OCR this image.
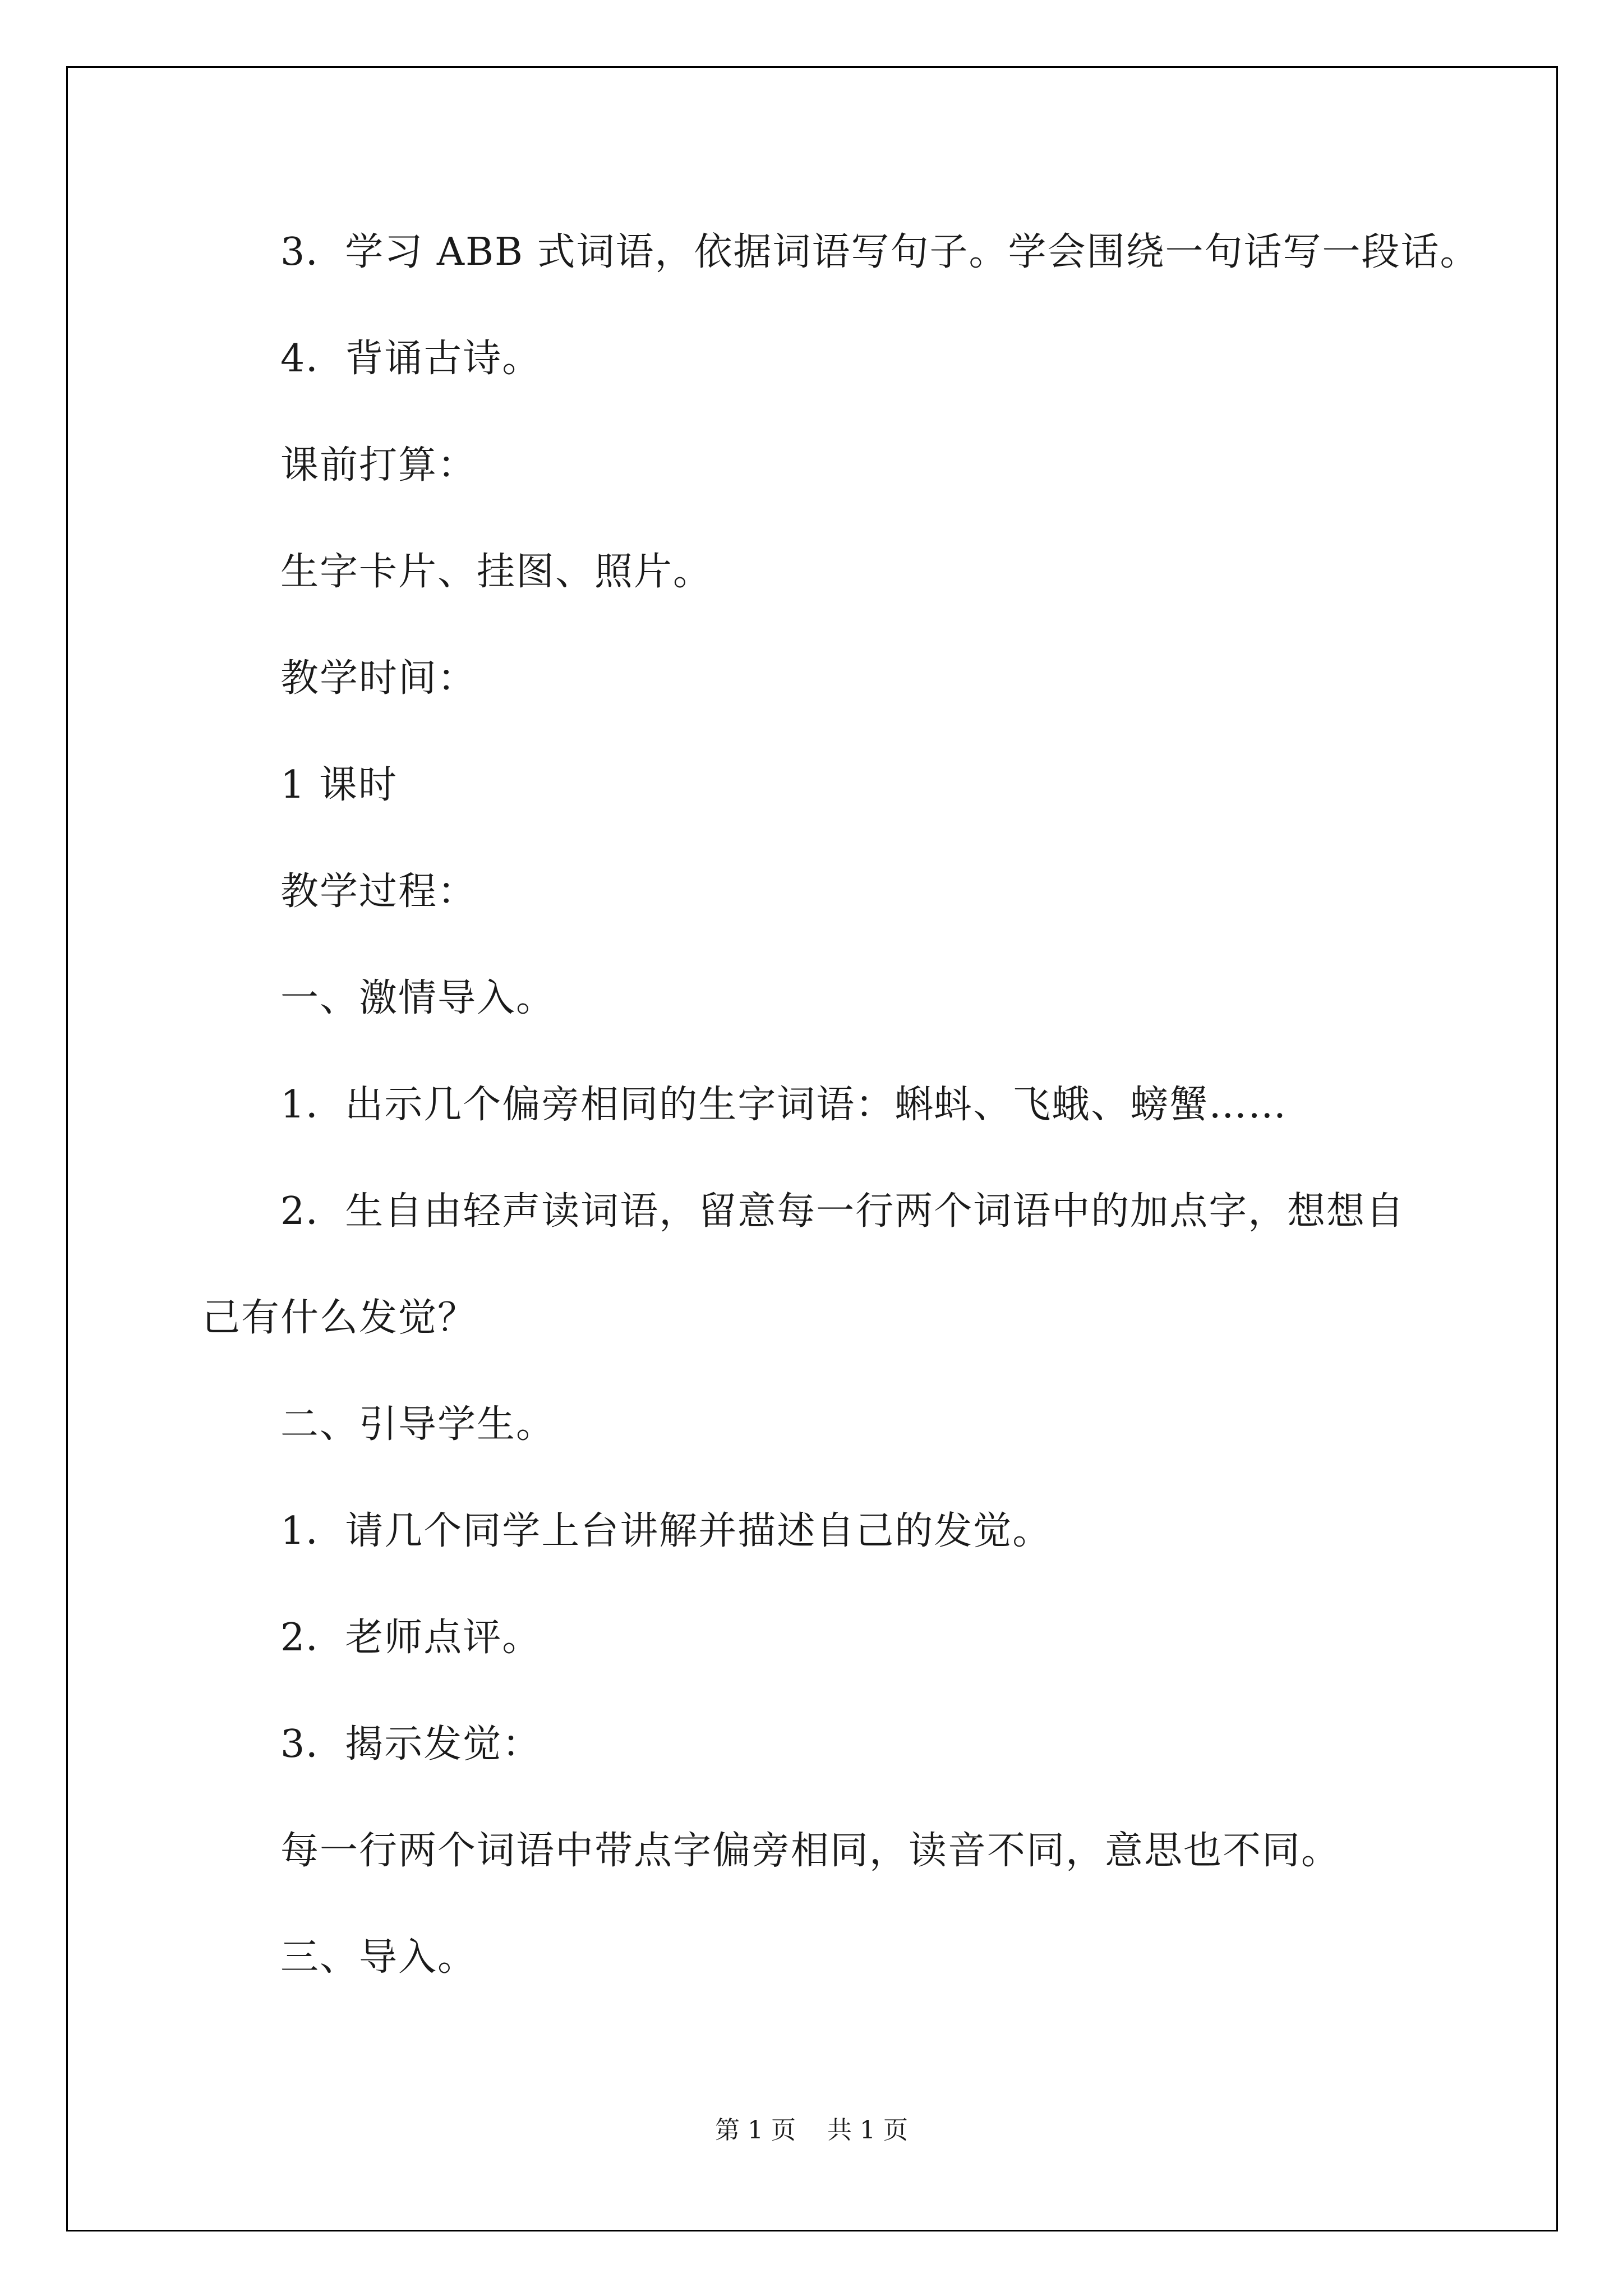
3．学习 ABB 式词语，依据词语写句子。学会围绕一句话写一段话。
4．背诵古诗。
课前打算：
生字卡片、挂图、照片。
教学时间：
1 课时
教学过程：
一、激情导入。
1．出示几个偏旁相同的生字词语：蝌蚪、飞蛾、螃蟹……
2．生自由轻声读词语，留意每一行两个词语中的加点字，想想自
己有什么发觉？
二、引导学生。
1．请几个同学上台讲解并描述自己的发觉。
2．老师点评。
3．揭示发觉：
每一行两个词语中带点字偏旁相同，读音不同，意思也不同。
三、导入。
第 1 页 共 1 页
